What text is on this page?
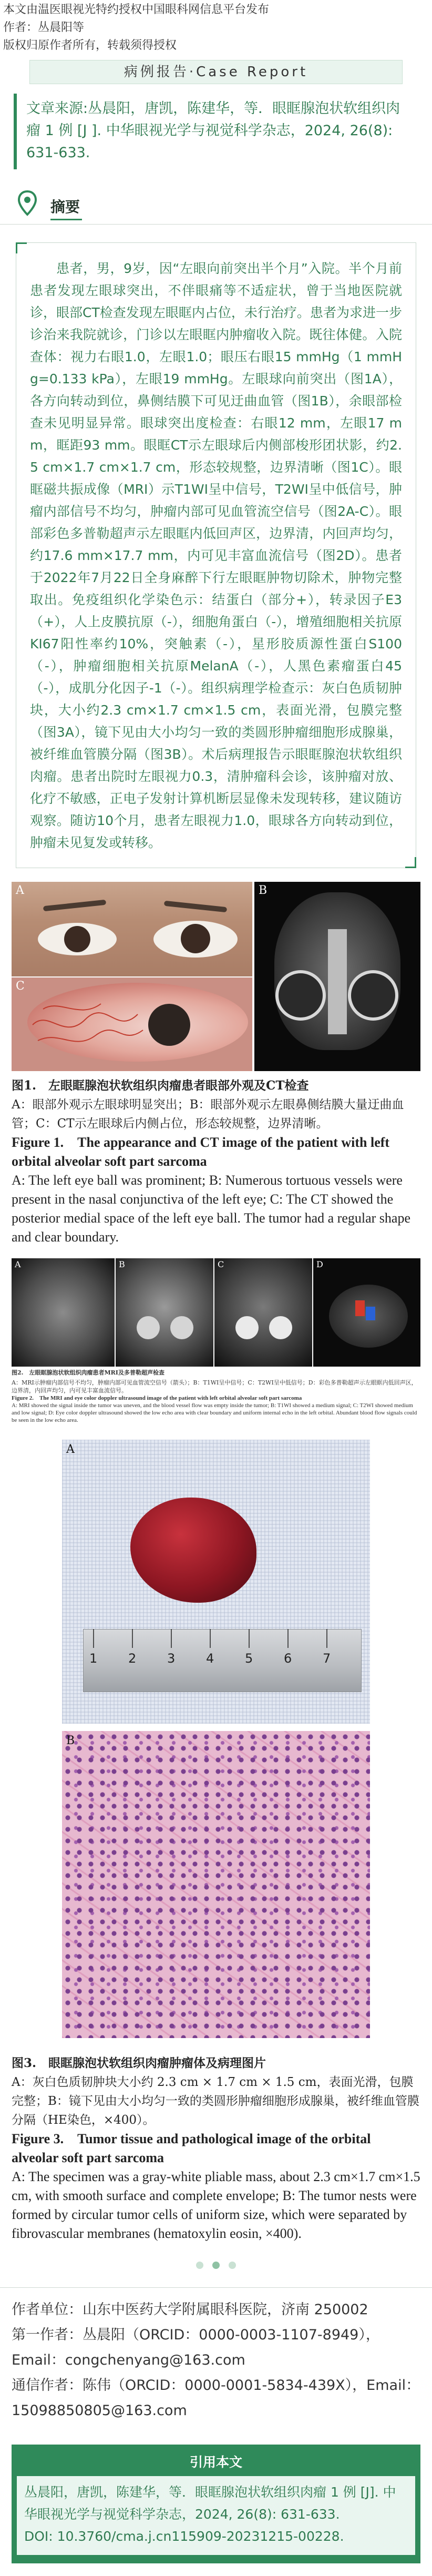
本文由温医眼视光特约授权中国眼科网信息平台发布
作者：丛晨阳等
版权归原作者所有，转载须得授权
病例报告·Case Report
文章来源:丛晨阳，唐凯，陈建华，等．眼眶腺泡状软组织肉瘤 1 例 [J ]. 中华眼视光学与视觉科学杂志，2024, 26(8): 631-633.
摘要

患者，男，9岁，因“左眼向前突出半个月”入院。半个月前患者发现左眼球突出，不伴眼痛等不适症状，曾于当地医院就诊，眼部CT检查发现左眼眶内占位，未行治疗。患者为求进一步诊治来我院就诊，门诊以左眼眶内肿瘤收入院。既往体健。入院查体：视力右眼1.0，左眼1.0；眼压右眼15 mmHg（1 mmHg=0.133 kPa），左眼19 mmHg。左眼球向前突出（图1A），各方向转动到位，鼻侧结膜下可见迂曲血管（图1B），余眼部检查未见明显异常。眼球突出度检查：右眼12 mm，左眼17 mm，眶距93 mm。眼眶CT示左眼球后内侧部梭形团状影，约2.5 cm×1.7 cm×1.7 cm，形态较规整，边界清晰（图1C）。眼眶磁共振成像（MRI）示T1WI呈中信号，T2WI呈中低信号，肿瘤内部信号不均匀，肿瘤内部可见血管流空信号（图2A-C）。眼部彩色多普勒超声示左眼眶内低回声区，边界清，内回声均匀，约17.6 mm×17.7 mm，内可见丰富血流信号（图2D）。患者于2022年7月22日全身麻醉下行左眼眶肿物切除术，肿物完整取出。免疫组织化学染色示：结蛋白（部分+），转录因子E3（+），人上皮膜抗原（-），细胞角蛋白（-），增殖细胞相关抗原KI67阳性率约10%，突触素（-），星形胶质源性蛋白S100（-），肿瘤细胞相关抗原MelanA（-），人黑色素瘤蛋白45（-），成肌分化因子-1（-）。组织病理学检查示：灰白色质韧肿块，大小约2.3 cm×1.7 cm×1.5 cm，表面光滑，包膜完整（图3A），镜下见由大小均匀一致的类圆形肿瘤细胞形成腺巢，被纤维血管膜分隔（图3B）。术后病理报告示眼眶腺泡状软组织肉瘤。患者出院时左眼视力0.3，清肿瘤科会诊，该肿瘤对放、化疗不敏感，正电子发射计算机断层显像未发现转移，建议随访观察。随访10个月，患者左眼视力1.0，眼球各方向转动到位，肿瘤未见复发或转移。

A
C
B
图1.　左眼眶腺泡状软组织肉瘤患者眼部外观及CT检查
A：眼部外观示左眼球明显突出；B：眼部外观示左眼鼻侧结膜大量迂曲血管；C：CT示左眼球后内侧占位，形态较规整，边界清晰。
Figure 1.　The appearance and CT image of the patient with left orbital alveolar soft part sarcoma
A: The left eye ball was prominent; B: Numerous tortuous vessels were present in the nasal conjunctiva of the left eye; C: The CT showed the posterior medial space of the left eye ball. The tumor had a regular shape and clear boundary.
A	B	C	D
图2.　左眼眶腺泡状软组织肉瘤患者MRI及多普勒超声检查
A：MRI示肿瘤内部信号不均匀，肿瘤内部可见血管流空信号（箭头）；B：T1WI呈中信号；C：T2WI呈中低信号；D：彩色多普勒超声示左眼眶内低回声区，边界清，内回声均匀，内可见丰富血流信号。
Figure 2.　The MRI and eye color doppler ultrasound image of the patient with left orbital alveolar soft part sarcoma
A: MRI showed the signal inside the tumor was uneven, and the blood vessel flow was empty inside the tumor; B: T1WI showed a medium signal; C: T2WI showed medium and low signal; D: Eye color doppler ultrasound showed the low echo area with clear boundary and uniform internal echo in the left orbital. Abundant blood flow signals could be seen in the low echo area.
1 2 3 4 5 6 7
A
B
图3.　眼眶腺泡状软组织肉瘤肿瘤体及病理图片
A：灰白色质韧肿块大小约 2.3 cm × 1.7 cm × 1.5 cm，表面光滑，包膜完整；B：镜下见由大小均匀一致的类圆形肿瘤细胞形成腺巢，被纤维血管膜分隔（HE染色，×400）。
Figure 3.　Tumor tissue and pathological image of the orbital alveolar soft part sarcoma
A: The specimen was a gray-white pliable mass, about 2.3 cm×1.7 cm×1.5 cm, with smooth surface and complete envelope; B: The tumor nests were formed by circular tumor cells of uniform size, which were separated by fibrovascular membranes (hematoxylin eosin, ×400).

作者单位：山东中医药大学附属眼科医院，济南 250002
第一作者：丛晨阳（ORCID：0000-0003-1107-8949），
Email：congchenyang@163.com
通信作者：陈伟（ORCID：0000-0001-5834-439X），Email：
15098850805@163.com
引用本文
丛晨阳，唐凯，陈建华，等．眼眶腺泡状软组织肉瘤 1 例 [J]. 中华眼视光学与视觉科学杂志，2024, 26(8): 631-633.
DOI: 10.3760/cma.j.cn115909-20231215-00228.
